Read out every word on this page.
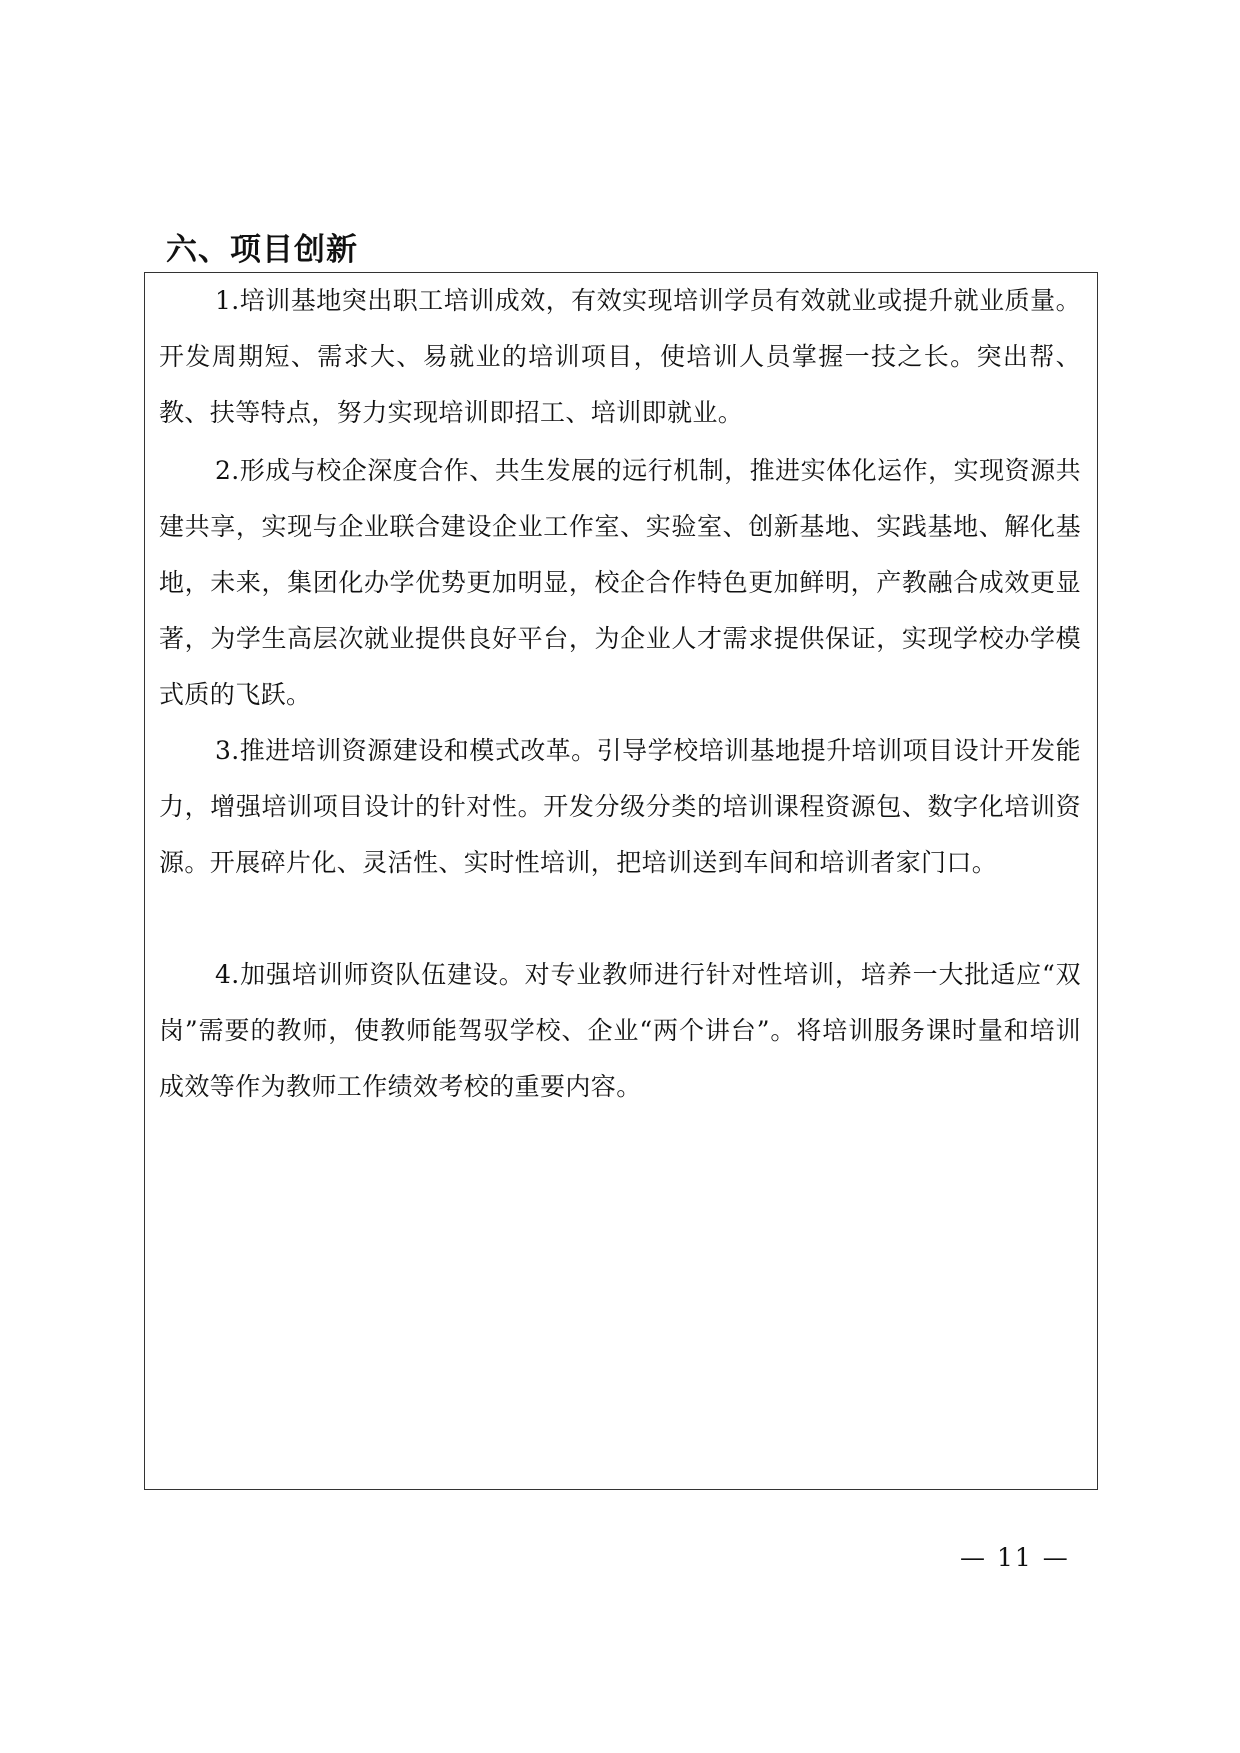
六、项目创新

1.培训基地突出职工培训成效，有效实现培训学员有效就业或提升就业质量。开发周期短、需求大、易就业的培训项目，使培训人员掌握一技之长。突出帮、教、扶等特点，努力实现培训即招工、培训即就业。

2.形成与校企深度合作、共生发展的远行机制，推进实体化运作，实现资源共建共享，实现与企业联合建设企业工作室、实验室、创新基地、实践基地、解化基地，未来，集团化办学优势更加明显，校企合作特色更加鲜明，产教融合成效更显著，为学生高层次就业提供良好平台，为企业人才需求提供保证，实现学校办学模式质的飞跃。

3.推进培训资源建设和模式改革。引导学校培训基地提升培训项目设计开发能力，增强培训项目设计的针对性。开发分级分类的培训课程资源包、数字化培训资源。开展碎片化、灵活性、实时性培训，把培训送到车间和培训者家门口。

4.加强培训师资队伍建设。对专业教师进行针对性培训，培养一大批适应“双岗”需要的教师，使教师能驾驭学校、企业“两个讲台”。将培训服务课时量和培训成效等作为教师工作绩效考校的重要内容。

— 11 —
